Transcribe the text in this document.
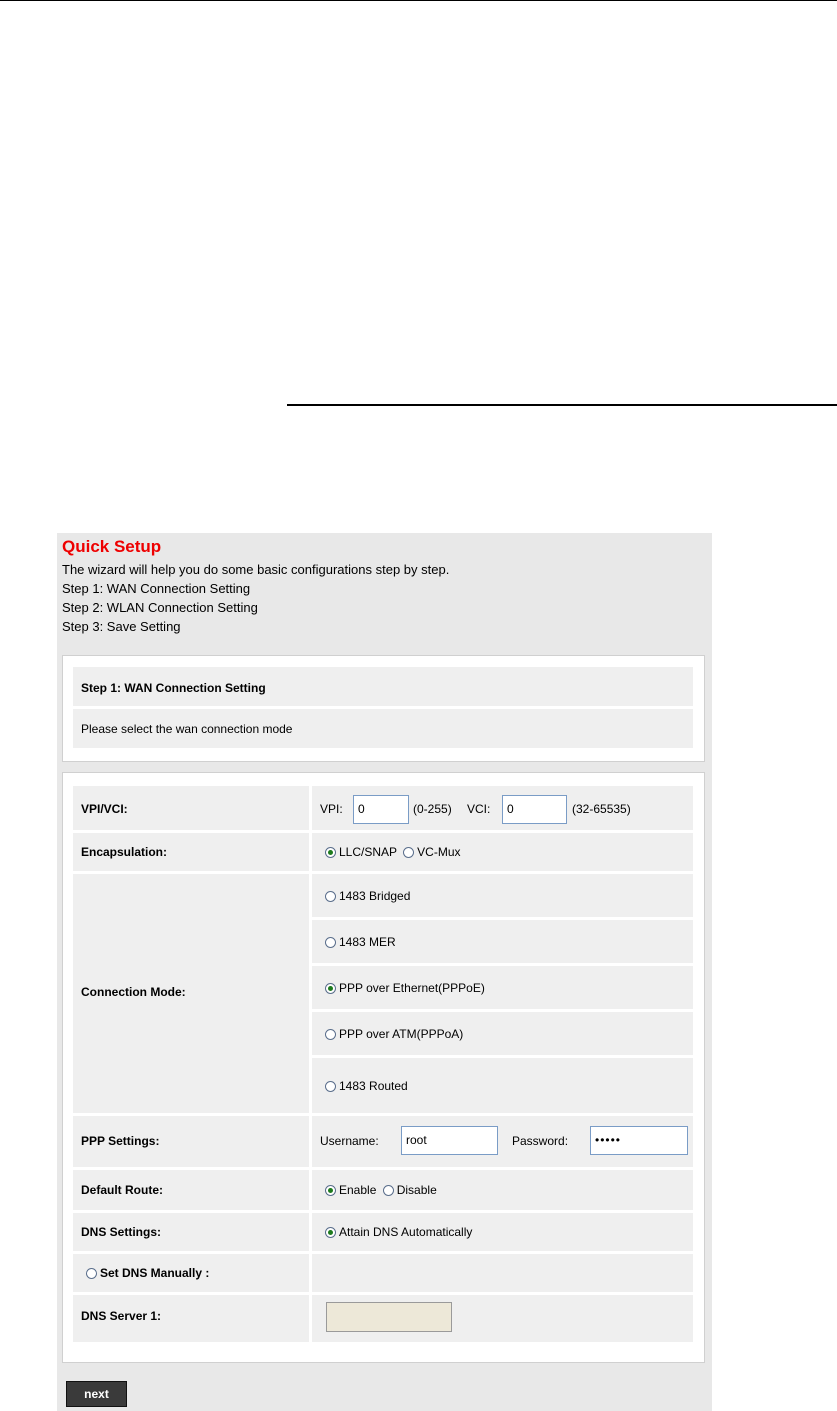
Quick Setup
The wizard will help you do some basic configurations step by step.
Step 1: WAN Connection Setting
Step 2: WLAN Connection Setting
Step 3: Save Setting
Step 1: WAN Connection Setting
Please select the wan connection mode
VPI/VCI:	VPI:	0	(0-255) VCI:	0	(32-65535)
Encapsulation:	LLC/SNAP VC-Mux
Connection Mode:
1483 Bridged
1483 MER
PPP over Ethernet(PPPoE)
PPP over ATM(PPPoA)
1483 Routed
PPP Settings:	Username:	root	Password:	•••••
Default Route:	Enable Disable
DNS Settings:	Attain DNS Automatically
Set DNS Manually :
DNS Server 1:
next
